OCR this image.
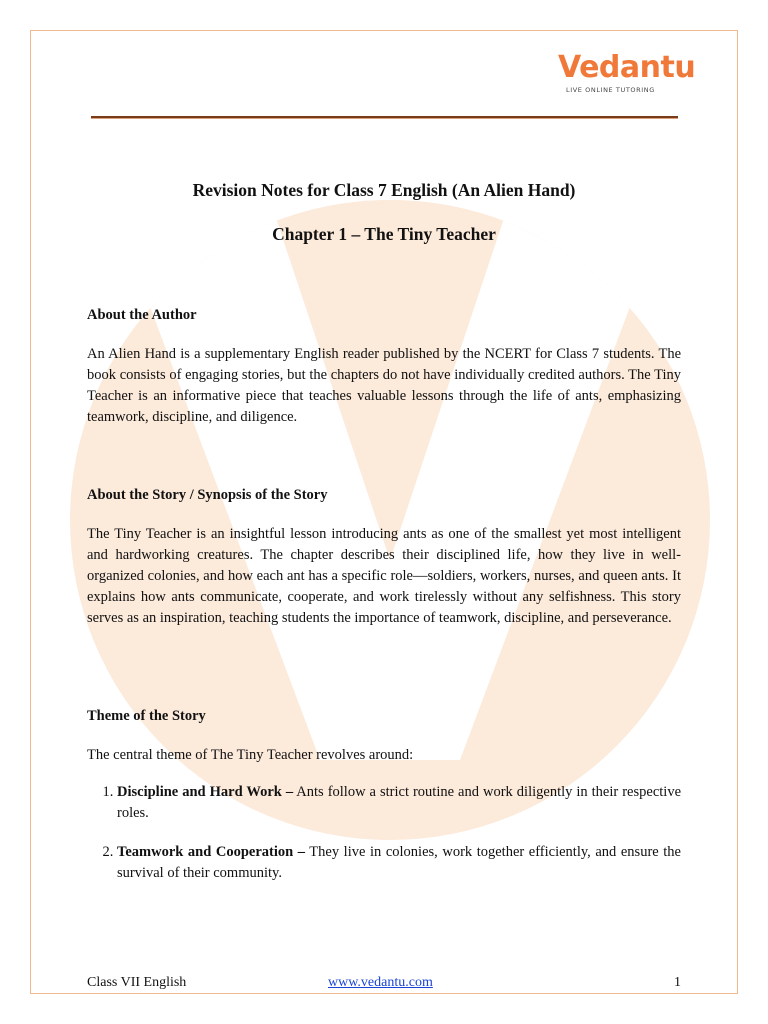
Vedantu
LIVE ONLINE TUTORING
Revision Notes for Class 7 English (An Alien Hand)
Chapter 1 – The Tiny Teacher
About the Author

An Alien Hand is a supplementary English reader published by the NCERT for Class 7 students. The book consists of engaging stories, but the chapters do not have individually credited authors. The Tiny Teacher is an informative piece that teaches valuable lessons through the life of ants, emphasizing teamwork, discipline, and diligence.

About the Story / Synopsis of the Story

The Tiny Teacher is an insightful lesson introducing ants as one of the smallest yet most intelligent and hardworking creatures. The chapter describes their disciplined life, how they live in well-organized colonies, and how each ant has a specific role—soldiers, workers, nurses, and queen ants. It explains how ants communicate, cooperate, and work tirelessly without any selfishness. This story serves as an inspiration, teaching students the importance of teamwork, discipline, and perseverance.

Theme of the Story

The central theme of The Tiny Teacher revolves around:

1. Discipline and Hard Work – Ants follow a strict routine and work diligently in their respective roles.
2. Teamwork and Cooperation – They live in colonies, work together efficiently, and ensure the survival of their community.
Class VII English	www.vedantu.com	1
